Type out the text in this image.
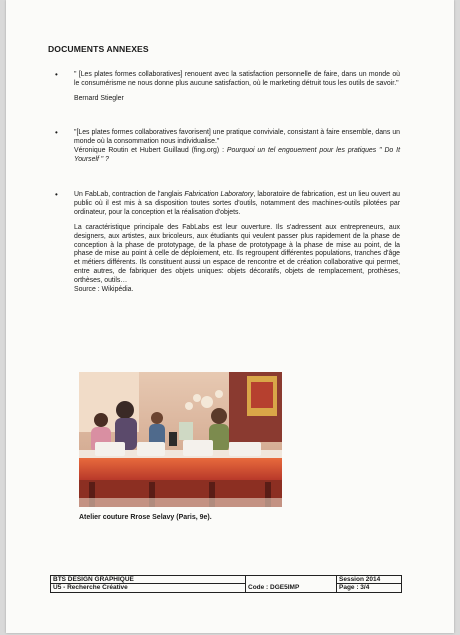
DOCUMENTS ANNEXES
• " [Les plates formes collaboratives] renouent avec la satisfaction personnelle de faire, dans un monde où le consumérisme ne nous donne plus aucune satisfaction, où le marketing détruit tous les outils de savoir."

Bernard Stiegler

• "[Les plates formes collaboratives favorisent] une pratique conviviale, consistant à faire ensemble, dans un monde où la consommation nous individualise."

Véronique Routin et Hubert Guillaud (fing.org) : Pourquoi un tel engouement pour les pratiques " Do It Yourself " ?

• Un FabLab, contraction de l'anglais Fabrication Laboratory, laboratoire de fabrication, est un lieu ouvert au public où il est mis à sa disposition toutes sortes d'outils, notamment des machines-outils pilotées par ordinateur, pour la conception et la réalisation d'objets.

La caractéristique principale des FabLabs est leur ouverture. Ils s'adressent aux entrepreneurs, aux designers, aux artistes, aux bricoleurs, aux étudiants qui veulent passer plus rapidement de la phase de conception à la phase de prototypage, de la phase de prototypage à la phase de mise au point, de la phase de mise au point à celle de déploiement, etc. Ils regroupent différentes populations, tranches d'âge et métiers différents. Ils constituent aussi un espace de rencontre et de création collaborative qui permet, entre autres, de fabriquer des objets uniques: objets décoratifs, objets de remplacement, prothèses, orthèses, outils…

Source : Wikipédia.

Atelier couture Rrose Selavy (Paris, 9e).
BTS DESIGN GRAPHIQUE		Session 2014
U5 - Recherche Créative	Code : DGE5IMP	Page : 3/4
